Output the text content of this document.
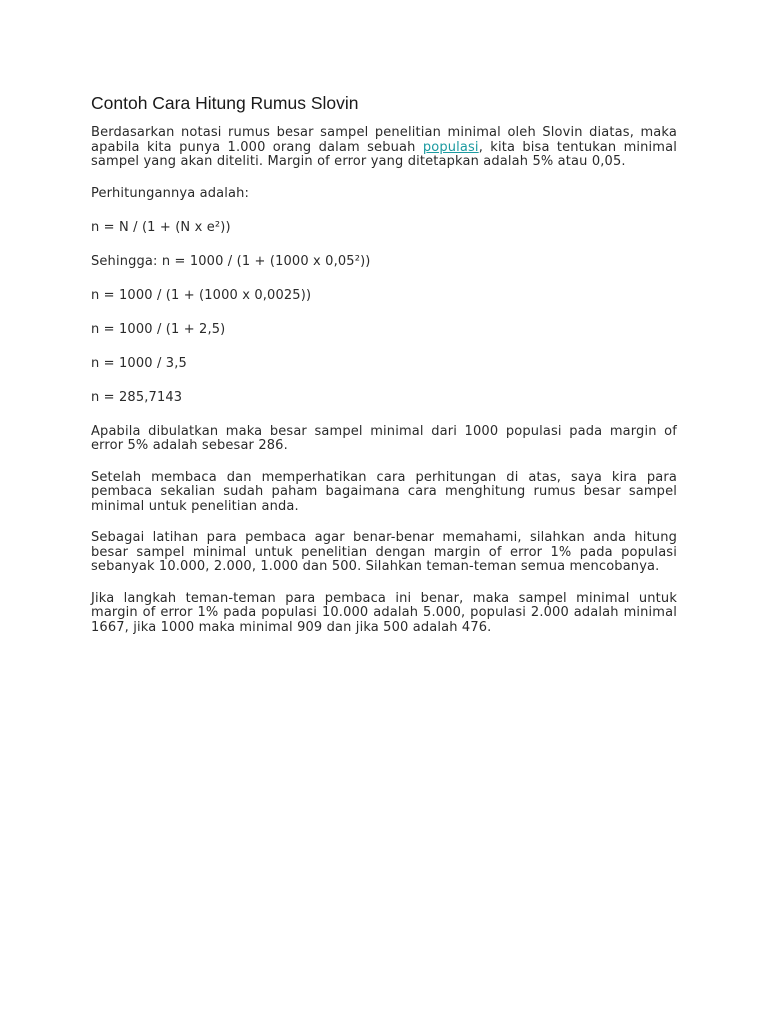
Contoh Cara Hitung Rumus Slovin

Berdasarkan notasi rumus besar sampel penelitian minimal oleh Slovin diatas, maka apabila kita punya 1.000 orang dalam sebuah populasi, kita bisa tentukan minimal sampel yang akan diteliti. Margin of error yang ditetapkan adalah 5% atau 0,05.

Perhitungannya adalah:

n = N / (1 + (N x e²))

Sehingga: n = 1000 / (1 + (1000 x 0,05²))

n = 1000 / (1 + (1000 x 0,0025))

n = 1000 / (1 + 2,5)

n = 1000 / 3,5

n = 285,7143

Apabila dibulatkan maka besar sampel minimal dari 1000 populasi pada margin of error 5% adalah sebesar 286.

Setelah membaca dan memperhatikan cara perhitungan di atas, saya kira para pembaca sekalian sudah paham bagaimana cara menghitung rumus besar sampel minimal untuk penelitian anda.

Sebagai latihan para pembaca agar benar-benar memahami, silahkan anda hitung besar sampel minimal untuk penelitian dengan margin of error 1% pada populasi sebanyak 10.000, 2.000, 1.000 dan 500. Silahkan teman-teman semua mencobanya.

Jika langkah teman-teman para pembaca ini benar, maka sampel minimal untuk margin of error 1% pada populasi 10.000 adalah 5.000, populasi 2.000 adalah minimal 1667, jika 1000 maka minimal 909 dan jika 500 adalah 476.
